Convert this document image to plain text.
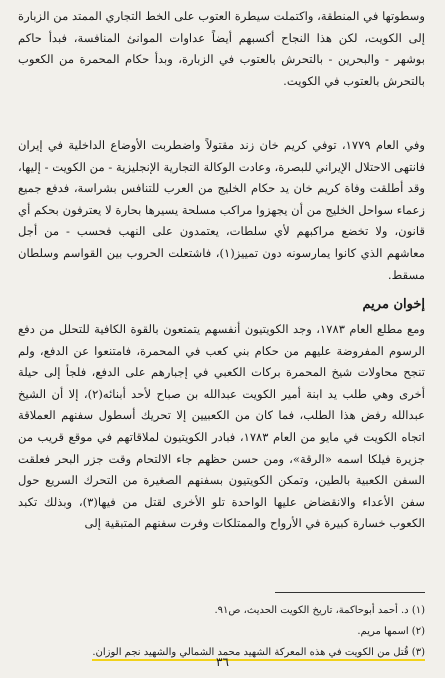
وسطوتها في المنطقة، واكتملت سيطرة العتوب على الخط التجاري الممتد من الزبارة إلى الكويت، لكن هذا النجاح أكسبهم أيضاً عداوات الموانئ المنافسة، فبدأ حاكم بوشهر - والبحرين - بالتحرش بالعتوب في الزبارة، وبدأ حكام المحمرة من الكعوب بالتحرش بالعتوب في الكويت.

وفي العام ١٧٧٩، توفي كريم خان زند مقتولاً واضطربت الأوضاع الداخلية في إيران فانتهى الاحتلال الإيراني للبصرة، وعادت الوكالة التجارية الإنجليزية - من الكويت - إليها، وقد أطلقت وفاة كريم خان يد حكام الخليج من العرب للتنافس بشراسة، فدفع جميع زعماء سواحل الخليج من أن يجهزوا مراكب مسلحة يسيرها بحارة لا يعترفون بحكم أي قانون، ولا تخضع مراكبهم لأي سلطات، يعتمدون على النهب فحسب - من أجل معاشهم الذي كانوا يمارسونه دون تمييز(١)، فاشتعلت الحروب بين القواسم وسلطان مسقط.

إخوان مريم

ومع مطلع العام ١٧٨٣، وجد الكويتيون أنفسهم يتمتعون بالقوة الكافية للتحلل من دفع الرسوم المفروضة عليهم من حكام بني كعب في المحمرة، فامتنعوا عن الدفع، ولم تنجح محاولات شيخ المحمرة بركات الكعبي في إجبارهم على الدفع، فلجأ إلى حيلة أخرى وهي طلب يد ابنة أمير الكويت عبدالله بن صباح لأحد أبنائه(٢)، إلا أن الشيخ عبدالله رفض هذا الطلب، فما كان من الكعبيين إلا تحريك أسطول سفنهم العملاقة اتجاه الكويت في مايو من العام ١٧٨٣، فبادر الكويتيون لملاقاتهم في موقع قريب من جزيرة فيلكا اسمه «الرقة»، ومن حسن حظهم جاء الالتحام وقت جزر البحر فعلقت السفن الكعبية بالطين، وتمكن الكويتيون بسفنهم الصغيرة من التحرك السريع حول سفن الأعداء والانقضاض عليها الواحدة تلو الأخرى لقتل من فيها(٣)، وبذلك تكبد الكعوب خسارة كبيرة في الأرواح والممتلكات وفرت سفنهم المتبقية إلى

(١) د. أحمد أبوحاكمة، تاريخ الكويت الحديث، ص٩١.

(٢) اسمها مريم.

(٣) قُتل من الكويت في هذه المعركة الشهيد محمد الشمالي والشهيد نجم الوزان.

٣٦
